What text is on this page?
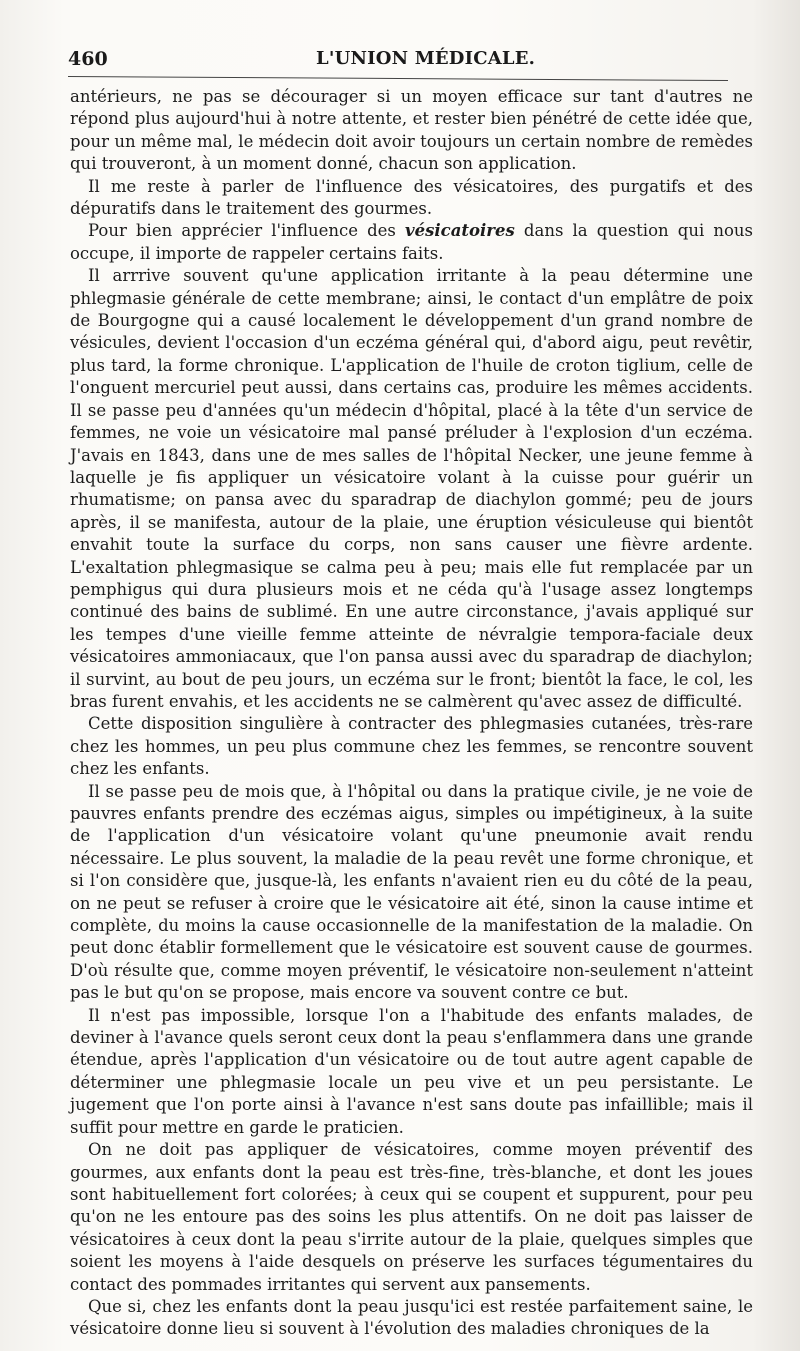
460	L'UNION MÉDICALE.

antérieurs, ne pas se décourager si un moyen efficace sur tant d'autres ne répond plus aujourd'hui à notre attente, et rester bien pénétré de cette idée que, pour un même mal, le médecin doit avoir toujours un certain nombre de remèdes qui trouveront, à un moment donné, chacun son application.

Il me reste à parler de l'influence des vésicatoires, des purgatifs et des dépuratifs dans le traitement des gourmes.

Pour bien apprécier l'influence des vésicatoires dans la question qui nous occupe, il importe de rappeler certains faits.

Il arrrive souvent qu'une application irritante à la peau détermine une phlegmasie générale de cette membrane; ainsi, le contact d'un emplâtre de poix de Bourgogne qui a causé localement le développement d'un grand nombre de vésicules, devient l'occasion d'un eczéma général qui, d'abord aigu, peut revêtir, plus tard, la forme chronique. L'application de l'huile de croton tiglium, celle de l'onguent mercuriel peut aussi, dans certains cas, produire les mêmes accidents. Il se passe peu d'années qu'un médecin d'hôpital, placé à la tête d'un service de femmes, ne voie un vésicatoire mal pansé préluder à l'explosion d'un eczéma. J'avais en 1843, dans une de mes salles de l'hôpital Necker, une jeune femme à laquelle je fis appliquer un vésicatoire volant à la cuisse pour guérir un rhumatisme; on pansa avec du sparadrap de diachylon gommé; peu de jours après, il se manifesta, autour de la plaie, une éruption vésiculeuse qui bientôt envahit toute la surface du corps, non sans causer une fièvre ardente. L'exaltation phlegmasique se calma peu à peu; mais elle fut remplacée par un pemphigus qui dura plusieurs mois et ne céda qu'à l'usage assez longtemps continué des bains de sublimé. En une autre circonstance, j'avais appliqué sur les tempes d'une vieille femme atteinte de névralgie tempora-faciale deux vésicatoires ammoniacaux, que l'on pansa aussi avec du sparadrap de diachylon; il survint, au bout de peu jours, un eczéma sur le front; bientôt la face, le col, les bras furent envahis, et les accidents ne se calmèrent qu'avec assez de difficulté.

Cette disposition singulière à contracter des phlegmasies cutanées, très-rare chez les hommes, un peu plus commune chez les femmes, se rencontre souvent chez les enfants.

Il se passe peu de mois que, à l'hôpital ou dans la pratique civile, je ne voie de pauvres enfants prendre des eczémas aigus, simples ou impétigineux, à la suite de l'application d'un vésicatoire volant qu'une pneumonie avait rendu nécessaire. Le plus souvent, la maladie de la peau revêt une forme chronique, et si l'on considère que, jusque-là, les enfants n'avaient rien eu du côté de la peau, on ne peut se refuser à croire que le vésicatoire ait été, sinon la cause intime et complète, du moins la cause occasionnelle de la manifestation de la maladie. On peut donc établir formellement que le vésicatoire est souvent cause de gourmes. D'où résulte que, comme moyen préventif, le vésicatoire non-seulement n'atteint pas le but qu'on se propose, mais encore va souvent contre ce but.

Il n'est pas impossible, lorsque l'on a l'habitude des enfants malades, de deviner à l'avance quels seront ceux dont la peau s'enflammera dans une grande étendue, après l'application d'un vésicatoire ou de tout autre agent capable de déterminer une phlegmasie locale un peu vive et un peu persistante. Le jugement que l'on porte ainsi à l'avance n'est sans doute pas infaillible; mais il suffit pour mettre en garde le praticien.

On ne doit pas appliquer de vésicatoires, comme moyen préventif des gourmes, aux enfants dont la peau est très-fine, très-blanche, et dont les joues sont habituellement fort colorées; à ceux qui se coupent et suppurent, pour peu qu'on ne les entoure pas des soins les plus attentifs. On ne doit pas laisser de vésicatoires à ceux dont la peau s'irrite autour de la plaie, quelques simples que soient les moyens à l'aide desquels on préserve les surfaces tégumentaires du contact des pommades irritantes qui servent aux pansements.

Que si, chez les enfants dont la peau jusqu'ici est restée parfaitement saine, le vésicatoire donne lieu si souvent à l'évolution des maladies chroniques de la
